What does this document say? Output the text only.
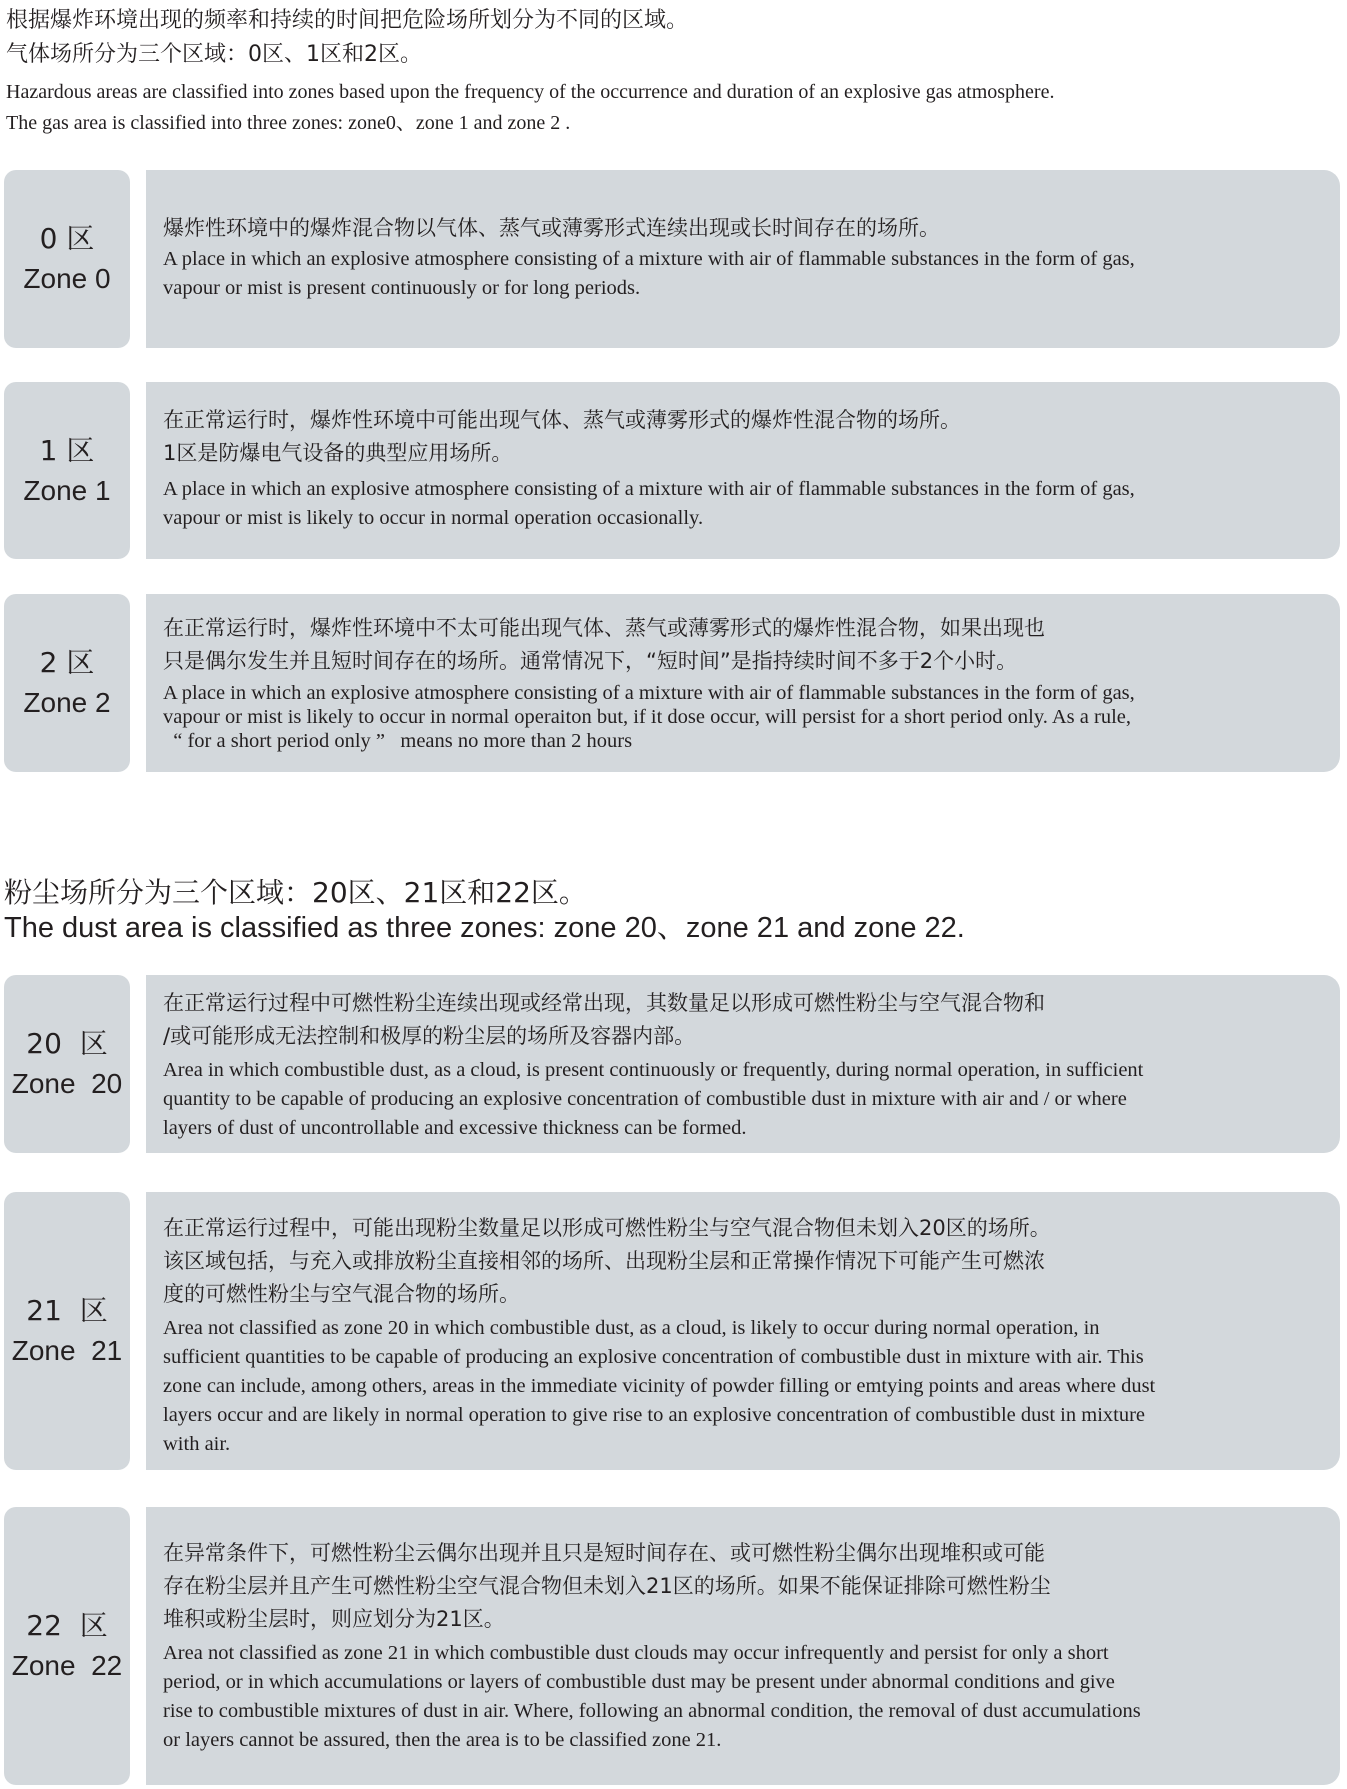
根据爆炸环境出现的频率和持续的时间把危险场所划分为不同的区域。
气体场所分为三个区域：0区、1区和2区。
Hazardous areas are classified into zones based upon the frequency of the occurrence and duration of an explosive gas atmosphere.
The gas area is classified into three zones: zone0、zone 1 and zone 2 .
0 区
Zone 0
爆炸性环境中的爆炸混合物以气体、蒸气或薄雾形式连续出现或长时间存在的场所。
A place in which an explosive atmosphere consisting of a mixture with air of flammable substances in the form of gas,
vapour or mist is present continuously or for long periods.
1 区
Zone 1
在正常运行时，爆炸性环境中可能出现气体、蒸气或薄雾形式的爆炸性混合物的场所。
1区是防爆电气设备的典型应用场所。
A place in which an explosive atmosphere consisting of a mixture with air of flammable substances in the form of gas,
vapour or mist is likely to occur in normal operation occasionally.
2 区
Zone 2
在正常运行时，爆炸性环境中不太可能出现气体、蒸气或薄雾形式的爆炸性混合物，如果出现也
只是偶尔发生并且短时间存在的场所。通常情况下，“短时间”是指持续时间不多于2个小时。
A place in which an explosive atmosphere consisting of a mixture with air of flammable substances in the form of gas,
vapour or mist is likely to occur in normal operaiton but, if it dose occur, will persist for a short period only. As a rule,
“ for a short period only ”   means no more than 2 hours
粉尘场所分为三个区域：20区、21区和22区。
The dust area is classified as three zones: zone 20、zone 21 and zone 22.
20  区
Zone  20
在正常运行过程中可燃性粉尘连续出现或经常出现，其数量足以形成可燃性粉尘与空气混合物和
/或可能形成无法控制和极厚的粉尘层的场所及容器内部。
Area in which combustible dust, as a cloud, is present continuously or frequently, during normal operation, in sufficient
quantity to be capable of producing an explosive concentration of combustible dust in mixture with air and / or where
layers of dust of uncontrollable and excessive thickness can be formed.
21  区
Zone  21
在正常运行过程中，可能出现粉尘数量足以形成可燃性粉尘与空气混合物但未划入20区的场所。
该区域包括，与充入或排放粉尘直接相邻的场所、出现粉尘层和正常操作情况下可能产生可燃浓
度的可燃性粉尘与空气混合物的场所。
Area not classified as zone 20 in which combustible dust, as a cloud, is likely to occur during normal operation, in
sufficient quantities to be capable of producing an explosive concentration of combustible dust in mixture with air. This
zone can include, among others, areas in the immediate vicinity of powder filling or emtying points and areas where dust
layers occur and are likely in normal operation to give rise to an explosive concentration of combustible dust in mixture
with air.
22  区
Zone  22
在异常条件下，可燃性粉尘云偶尔出现并且只是短时间存在、或可燃性粉尘偶尔出现堆积或可能
存在粉尘层并且产生可燃性粉尘空气混合物但未划入21区的场所。如果不能保证排除可燃性粉尘
堆积或粉尘层时，则应划分为21区。
Area not classified as zone 21 in which combustible dust clouds may occur infrequently and persist for only a short
period, or in which accumulations or layers of combustible dust may be present under abnormal conditions and give
rise to combustible mixtures of dust in air. Where, following an abnormal condition, the removal of dust accumulations
or layers cannot be assured, then the area is to be classified zone 21.
